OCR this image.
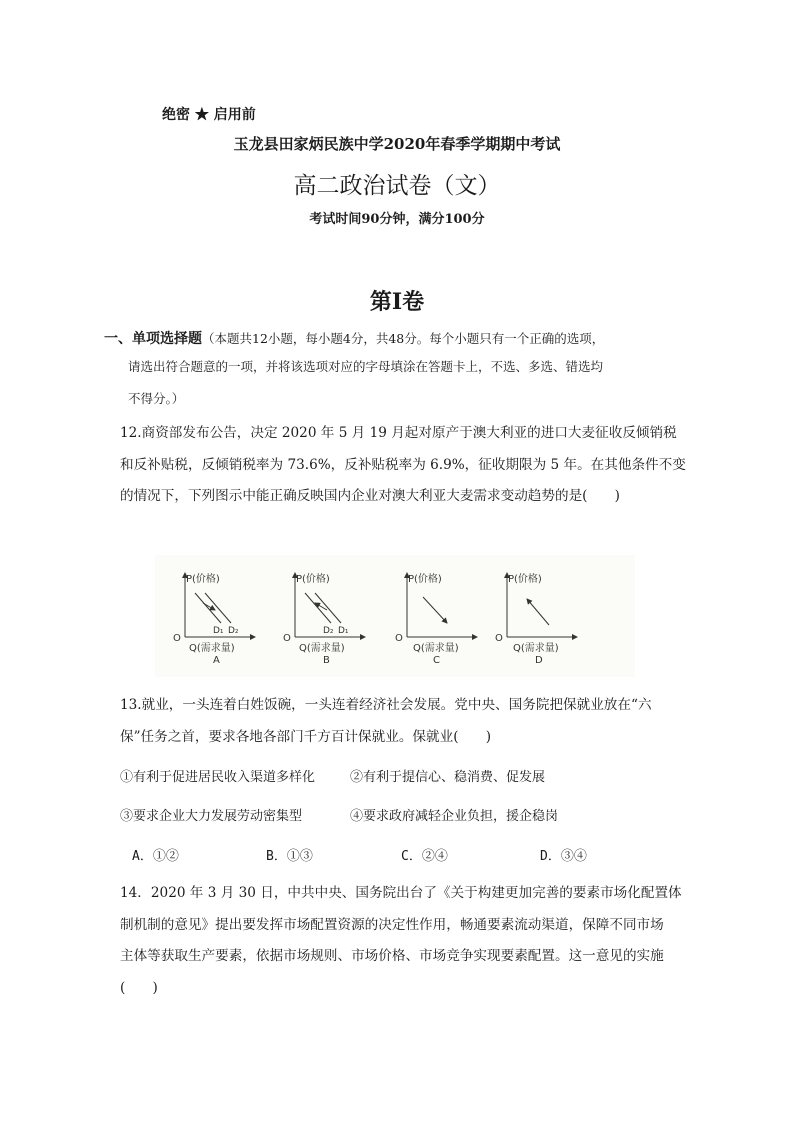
绝密 ★ 启用前
玉龙县田家炳民族中学2020年春季学期期中考试
高二政治试卷（文）
考试时间90分钟，满分100分
第Ⅰ卷
一、单项选择题（本题共12小题，每小题4分，共48分。每个小题只有一个正确的选项，
请选出符合题意的一项，并将该选项对应的字母填涂在答题卡上，不选、多选、错选均
不得分。）
12.商资部发布公告，决定 2020 年 5 月 19 月起对原产于澳大利亚的进口大麦征收反倾销税
和反补贴税，反倾销税率为 73.6%，反补贴税率为 6.9%，征收期限为 5 年。在其他条件不变
的情况下，下列图示中能正确反映国内企业对澳大利亚大麦需求变动趋势的是(　　)
P(价格)
Q(需求量)
O
D₁ D₂
A
P(价格)
Q(需求量)
O
D₂ D₁
B
P(价格)
Q(需求量)
O
C
P(价格)
Q(需求量)
O
D
13.就业，一头连着白姓饭碗，一头连着经济社会发展。党中央、国务院把保就业放在“六
保”任务之首，要求各地各部门千方百计保就业。保就业(　　)
①有利于促进居民收入渠道多样化	②有利于提信心、稳消费、促发展
③要求企业大力发展劳动密集型	④要求政府减轻企业负担，援企稳岗
A．①②	B．①③	C．②④	D．③④
14．2020 年 3 月 30 日，中共中央、国务院出台了《关于构建更加完善的要素市场化配置体
制机制的意见》提出要发挥市场配置资源的决定性作用，畅通要素流动渠道，保障不同市场
主体等获取生产要素，依据市场规则、市场价格、市场竞争实现要素配置。这一意见的实施
(　　)
